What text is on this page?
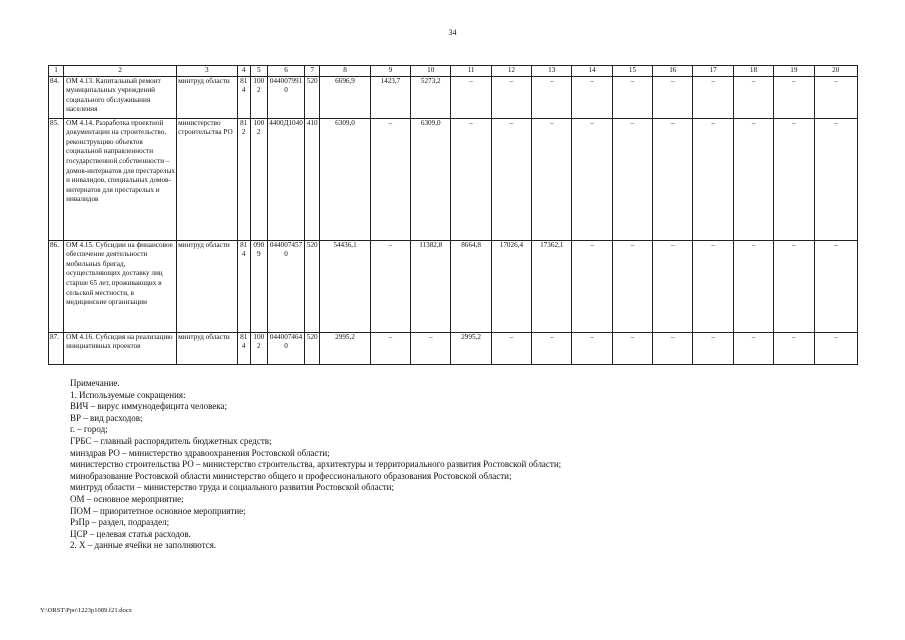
34
1	2	3	4	5	6	7	8	9	10	11	12	13	14	15	16	17	18	19	20
84.	ОМ 4.13. Капитальный ремонт муниципальных учреждений социального обслуживания населения	минтруд области	814	1002	0440079910	520	6696,9	1423,7	5273,2	–	–	–	–	–	–	–	–	–	–
85.	ОМ 4.14. Разработка проектной документации на строительство, реконструкцию объектов социальной направленности государственной собственности – домов-интернатов для престарелых и инвалидов, специальных домов-интернатов для престарелых и инвалидов	министерство строительства РО	812	1002	4400Д1040	410	6309,0	–	6309,0	–	–	–	–	–	–	–	–	–	–
86.	ОМ 4.15. Субсидии на финансовое обеспечение деятельности мобильных бригад, осуществляющих доставку лиц старше 65 лет, проживающих в сельской местности, в медицинские организации	минтруд области	814	0909	0440074570	520	54436,1	–	11382,8	8664,8	17026,4	17362,1	–	–	–	–	–	–	–
87.	ОМ 4.16. Субсидия на реализацию инициативных проектов	минтруд области	814	1002	0440074640	520	2995,2	–	–	2995,2	–	–	–	–	–	–	–	–	–
Примечание.
1. Используемые сокращения:
ВИЧ – вирус иммунодефицита человека;
ВР – вид расходов;
г. – город;
ГРБС – главный распорядитель бюджетных средств;
минздрав РО – министерство здравоохранения Ростовской области;
министерство строительства РО – министерство строительства, архитектуры и территориального развития Ростовской области;
минобразование Ростовской области министерство общего и профессионального образования Ростовской области;
минтруд области – министерство труда и социального развития Ростовской области;
ОМ – основное мероприятие;
ПОМ – приоритетное основное мероприятие;
РзПр – раздел, подраздел;
ЦСР – целевая статья расходов.
2. Х – данные ячейки не заполняются.
Y:\ORST\Ppo\1223p1089.f21.docx
